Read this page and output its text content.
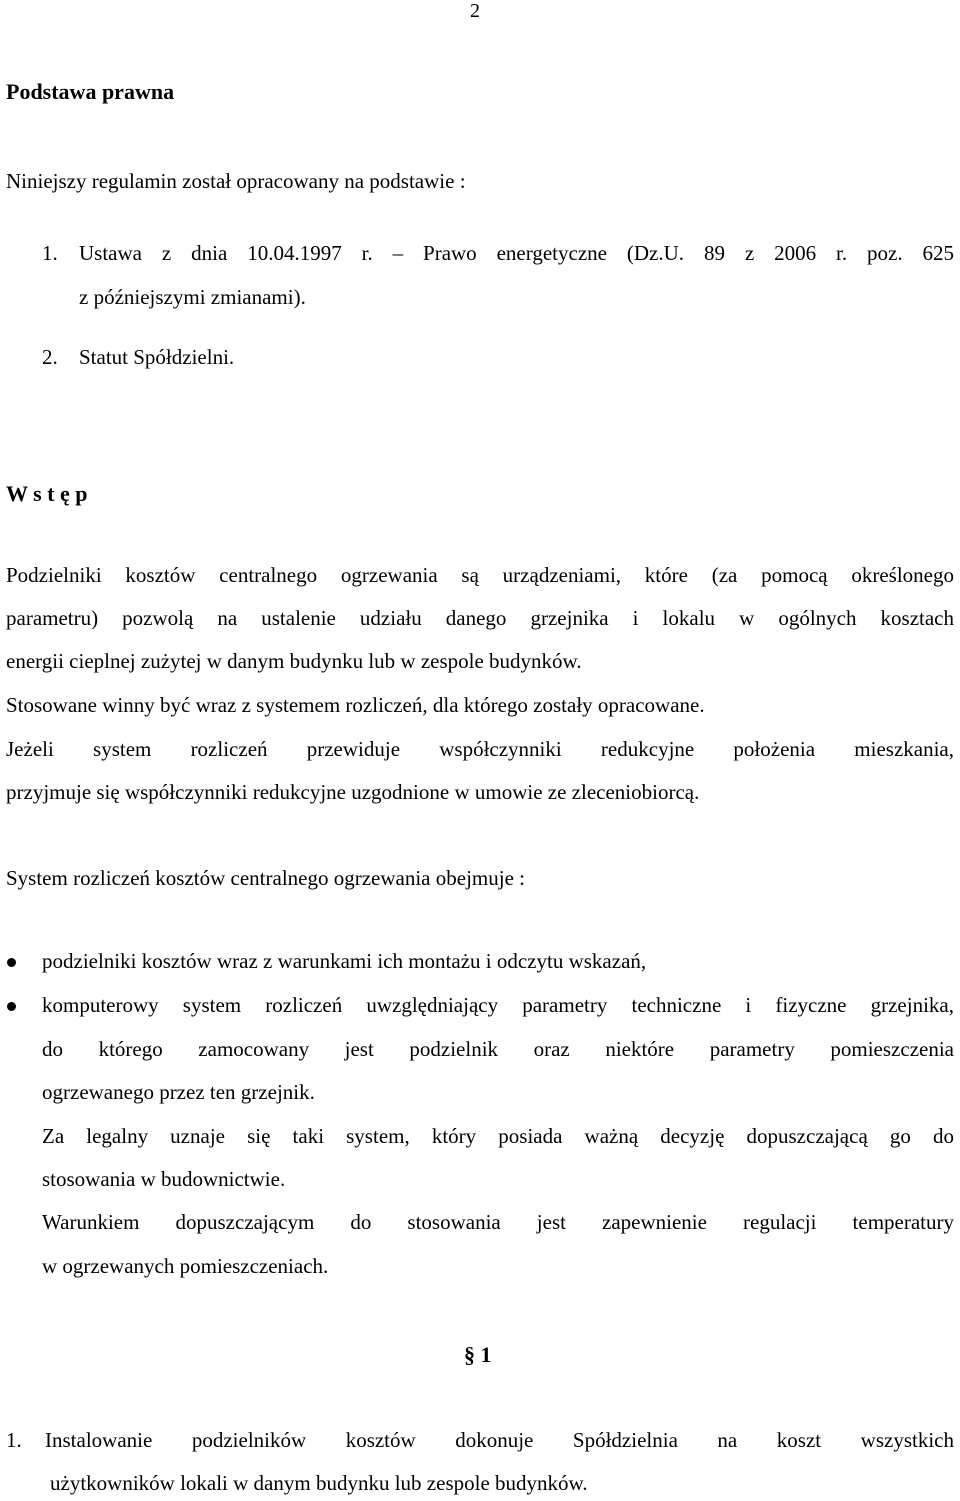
2
Podstawa prawna
Niniejszy regulamin został opracowany na podstawie :
1. Ustawa z dnia 10.04.1997 r. – Prawo energetyczne (Dz.U. 89 z 2006 r. poz. 625
z późniejszymi zmianami).
2. Statut Spółdzielni.
W s t ę p
Podzielniki kosztów centralnego ogrzewania są urządzeniami, które (za pomocą określonego
parametru) pozwolą na ustalenie udziału danego grzejnika i lokalu w ogólnych kosztach
energii cieplnej zużytej w danym budynku lub w zespole budynków.
Stosowane winny być wraz z systemem rozliczeń, dla którego zostały opracowane.
Jeżeli system rozliczeń przewiduje współczynniki redukcyjne położenia mieszkania,
przyjmuje się współczynniki redukcyjne uzgodnione w umowie ze zleceniobiorcą.
System rozliczeń kosztów centralnego ogrzewania obejmuje :
podzielniki kosztów wraz z warunkami ich montażu i odczytu wskazań,
komputerowy system rozliczeń uwzględniający parametry techniczne i fizyczne grzejnika,
do którego zamocowany jest podzielnik oraz niektóre parametry pomieszczenia
ogrzewanego przez ten grzejnik.
Za legalny uznaje się taki system, który posiada ważną decyzję dopuszczającą go do
stosowania w budownictwie.
Warunkiem dopuszczającym do stosowania jest zapewnienie regulacji temperatury
w ogrzewanych pomieszczeniach.
§ 1
1. Instalowanie podzielników kosztów dokonuje Spółdzielnia na koszt wszystkich
użytkowników lokali w danym budynku lub zespole budynków.
